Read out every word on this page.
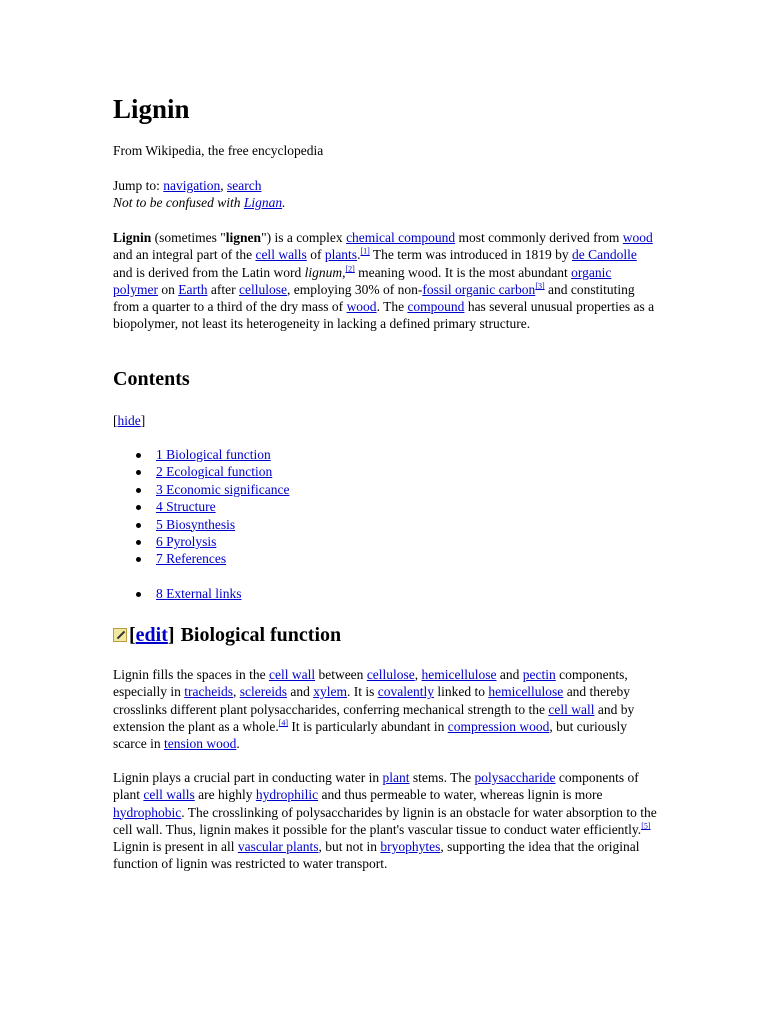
Lignin

From Wikipedia, the free encyclopedia

Jump to: navigation, search

Not to be confused with Lignan.

Lignin (sometimes "lignen") is a complex chemical compound most commonly derived from wood and an integral part of the cell walls of plants.[1] The term was introduced in 1819 by de Candolle and is derived from the Latin word lignum,[2] meaning wood. It is the most abundant organic polymer on Earth after cellulose, employing 30% of non-fossil organic carbon[3] and constituting from a quarter to a third of the dry mass of wood. The compound has several unusual properties as a biopolymer, not least its heterogeneity in lacking a defined primary structure.

Contents

[hide]

1 Biological function
2 Ecological function
3 Economic significance
4 Structure
5 Biosynthesis
6 Pyrolysis
7 References
8 External links
[ edit ] Biological function

Lignin fills the spaces in the cell wall between cellulose, hemicellulose and pectin components, especially in tracheids, sclereids and xylem. It is covalently linked to hemicellulose and thereby crosslinks different plant polysaccharides, conferring mechanical strength to the cell wall and by extension the plant as a whole.[4] It is particularly abundant in compression wood, but curiously scarce in tension wood.

Lignin plays a crucial part in conducting water in plant stems. The polysaccharide components of plant cell walls are highly hydrophilic and thus permeable to water, whereas lignin is more hydrophobic. The crosslinking of polysaccharides by lignin is an obstacle for water absorption to the cell wall. Thus, lignin makes it possible for the plant's vascular tissue to conduct water efficiently.[5] Lignin is present in all vascular plants, but not in bryophytes, supporting the idea that the original function of lignin was restricted to water transport.
